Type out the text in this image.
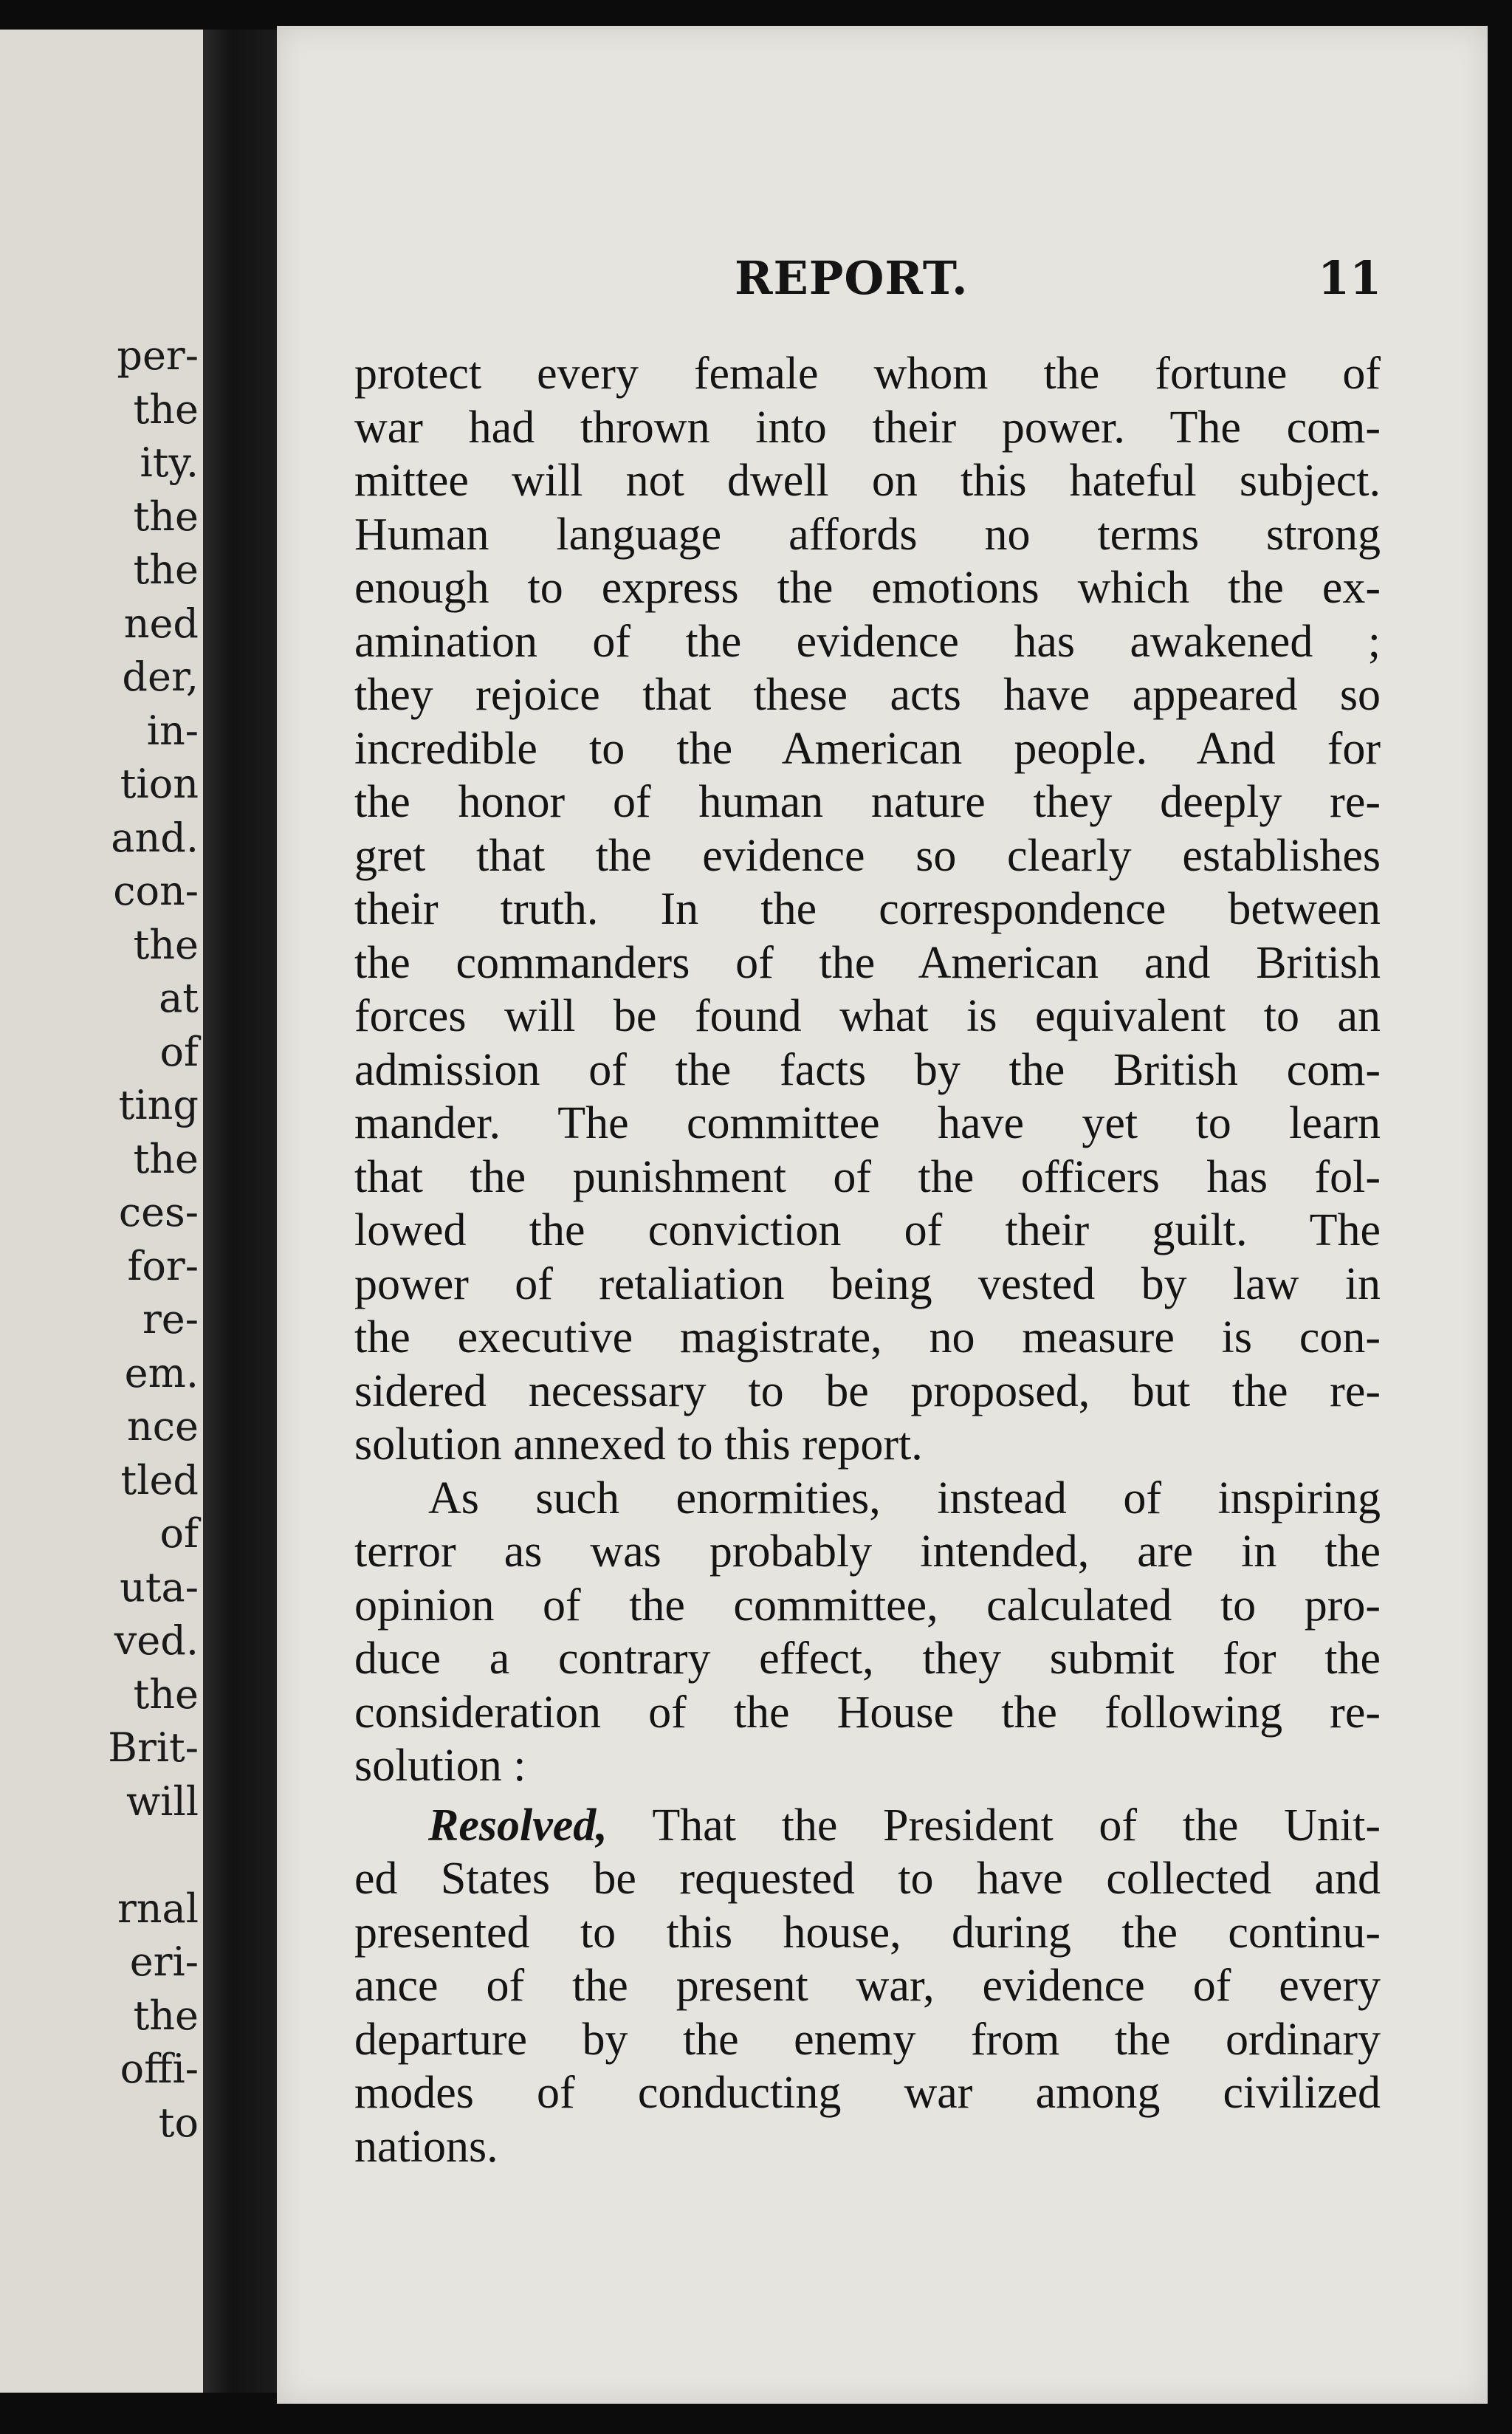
per-
the
ity.
the
the
ned
der,
in-
tion
and.
con-
the
at
of
ting
the
ces-
for-
re-
em.
nce
tled
of
uta-
ved.
the
Brit-
will
rnal
eri-
the
offi-
to
REPORT.	11
protect every female whom the fortune of
war had thrown into their power. The com-
mittee will not dwell on this hateful subject.
Human language affords no terms strong
enough to express the emotions which the ex-
amination of the evidence has awakened ;
they rejoice that these acts have appeared so
incredible to the American people. And for
the honor of human nature they deeply re-
gret that the evidence so clearly establishes
their truth. In the correspondence between
the commanders of the American and British
forces will be found what is equivalent to an
admission of the facts by the British com-
mander. The committee have yet to learn
that the punishment of the officers has fol-
lowed the conviction of their guilt. The
power of retaliation being vested by law in
the executive magistrate, no measure is con-
sidered necessary to be proposed, but the re-
solution annexed to this report.
As such enormities, instead of inspiring
terror as was probably intended, are in the
opinion of the committee, calculated to pro-
duce a contrary effect, they submit for the
consideration of the House the following re-
solution :
Resolved, That the President of the Unit-
ed States be requested to have collected and
presented to this house, during the continu-
ance of the present war, evidence of every
departure by the enemy from the ordinary
modes of conducting war among civilized
nations.
